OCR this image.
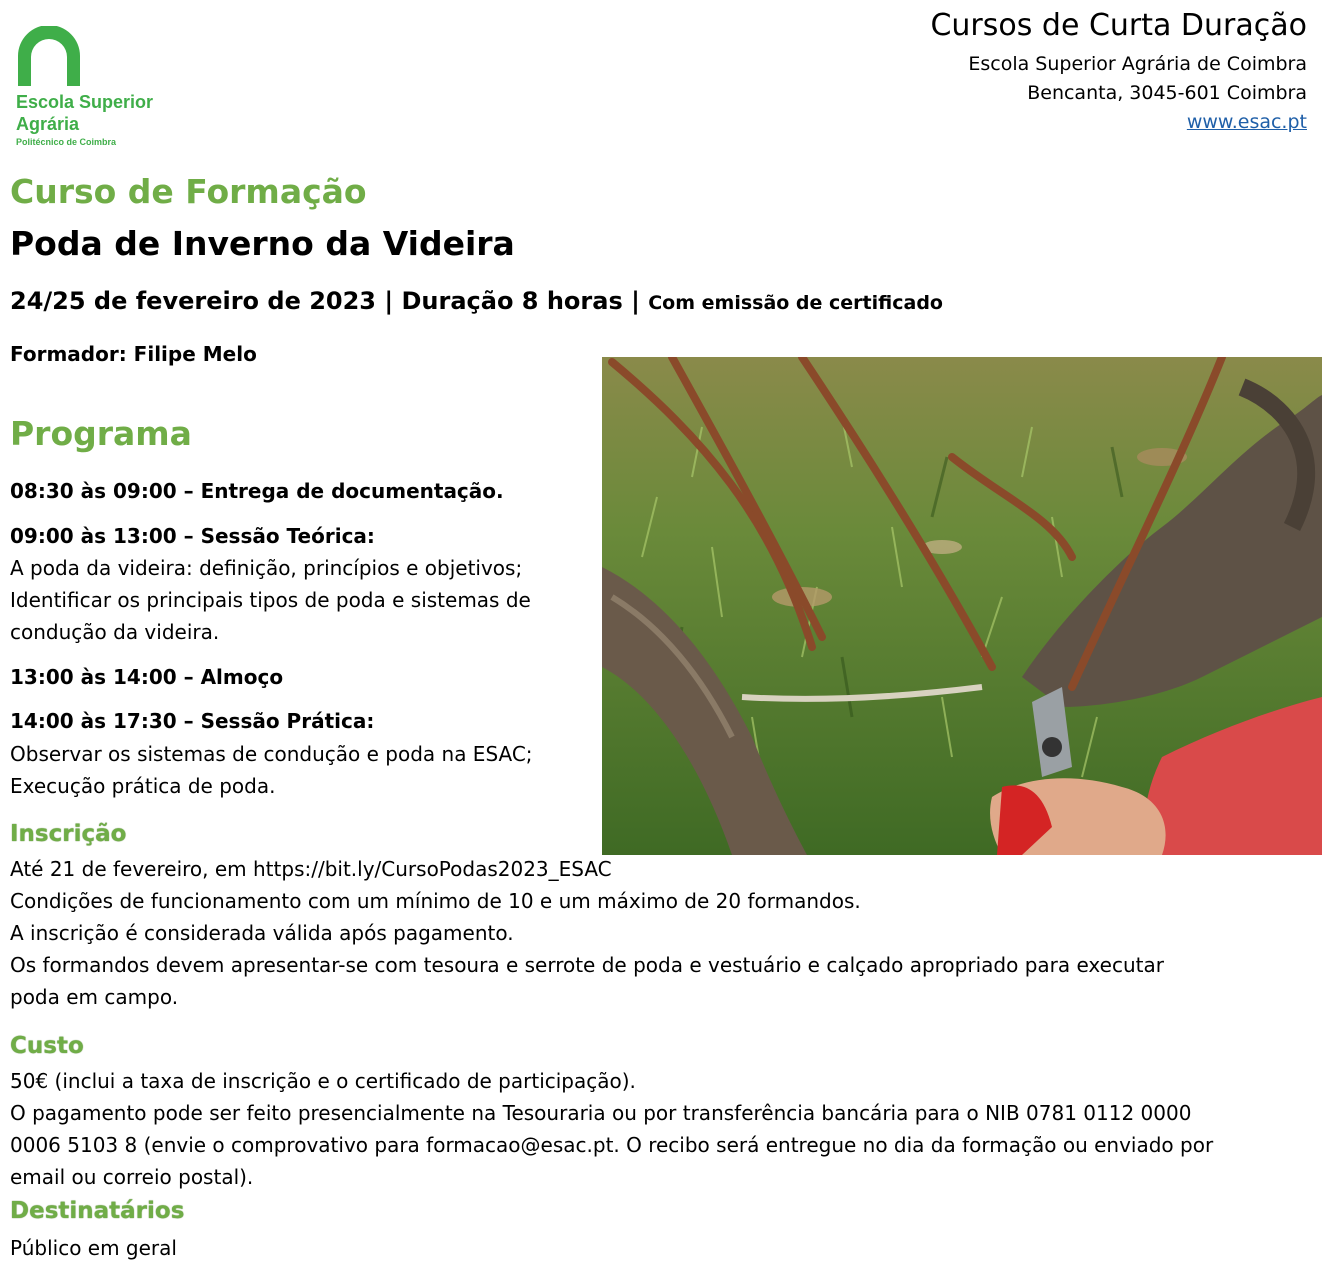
Escola Superior
Agrária
Politécnico de Coimbra
Cursos de Curta Duração
Escola Superior Agrária de Coimbra
Bencanta, 3045-601 Coimbra
www.esac.pt
Curso de Formação
Poda de Inverno da Videira
24/25 de fevereiro de 2023 | Duração 8 horas | Com emissão de certificado
Formador: Filipe Melo
Programa
08:30 às 09:00 – Entrega de documentação.
09:00 às 13:00 – Sessão Teórica:
A poda da videira: definição, princípios e objetivos;
Identificar os principais tipos de poda e sistemas de
condução da videira.
13:00 às 14:00 – Almoço
14:00 às 17:30 – Sessão Prática:
Observar os sistemas de condução e poda na ESAC;
Execução prática de poda.
Inscrição
Até 21 de fevereiro, em https://bit.ly/CursoPodas2023_ESAC
Condições de funcionamento com um mínimo de 10 e um máximo de 20 formandos.
A inscrição é considerada válida após pagamento.
Os formandos devem apresentar-se com tesoura e serrote de poda e vestuário e calçado apropriado para executar
poda em campo.
Custo
50€ (inclui a taxa de inscrição e o certificado de participação).
O pagamento pode ser feito presencialmente na Tesouraria ou por transferência bancária para o NIB 0781 0112 0000
0006 5103 8 (envie o comprovativo para formacao@esac.pt. O recibo será entregue no dia da formação ou enviado por
email ou correio postal).
Destinatários
Público em geral
